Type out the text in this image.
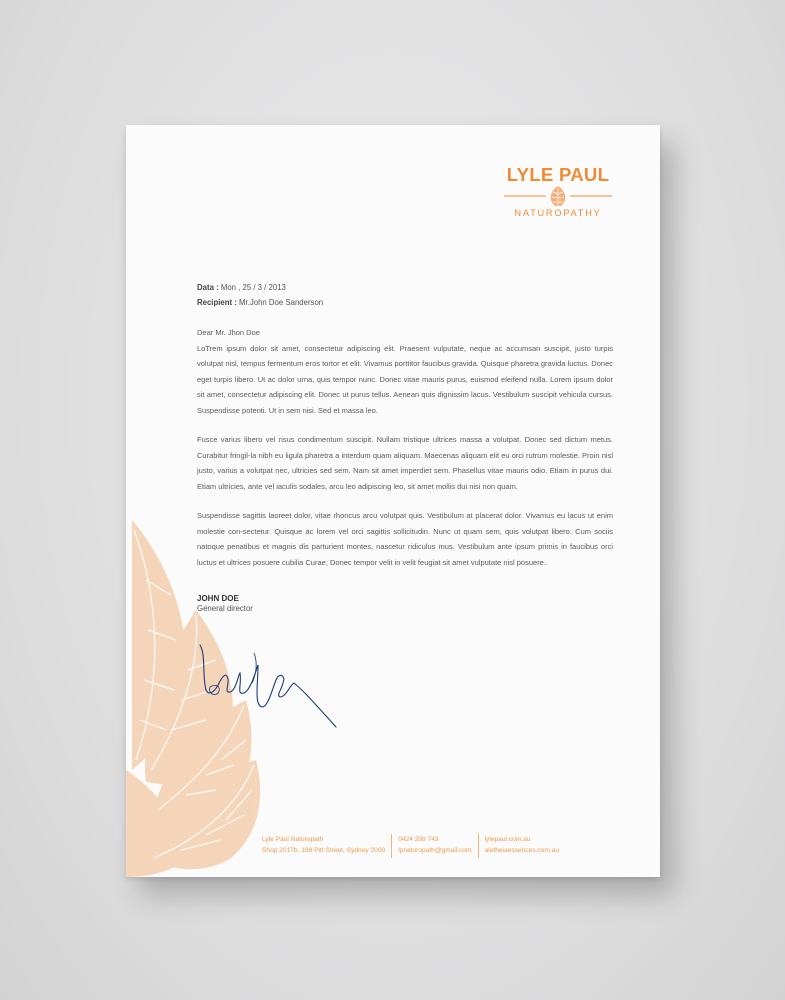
LYLE PAUL
NATUROPATHY
Data : Mon , 25 / 3 / 2013
Recipient : Mr.John Doe Sanderson
Dear Mr. Jhon Doe

LoTrem ipsum dolor sit amet, consectetur adipiscing elit. Praesent vulputate, neque ac accumsan suscipit, justo turpis volutpat nisl, tempus fermentum eros tortor et elit. Vivamus porttitor faucibus gravida. Quisque pharetra gravida luctus. Donec eget turpis libero. Ut ac dolor urna, quis tempor nunc. Donec vitae mauris purus, euismod eleifend nulla. Lorem ipsum dolor sit amet, consectetur adipiscing elit. Donec ut purus tellus. Aenean quis dignissim lacus. Vestibulum suscipit vehicula cursus. Suspendisse potenti. Ut in sem nisi. Sed et massa leo.

Fusce varius libero vel risus condimentum suscipit. Nullam tristique ultrices massa a volutpat. Donec sed dictum metus. Curabitur fringil-la nibh eu ligula pharetra a interdum quam aliquam. Maecenas aliquam elit eu orci rutrum molestie. Proin nisl justo, varius a volutpat nec, ultricies sed sem. Nam sit amet imperdiet sem. Phasellus vitae mauris odio. Etiam in purus dui. Etiam ultricies, ante vel iaculis sodales, arcu leo adipiscing leo, sit amet mollis dui nisi non quam.

Suspendisse sagittis laoreet dolor, vitae rhoncus arcu volutpat quis. Vestibulum at placerat dolor. Vivamus eu lacus ut enim molestie con-sectetur. Quisque ac lorem vel orci sagittis sollicitudin. Nunc ut quam sem, quis volutpat libero. Cum sociis natoque penatibus et magnis dis parturient montes, nascetur ridiculus mus. Vestibulum ante ipsum primis in faucibus orci luctus et ultrices posuere cubilia Curae; Donec tempor velit in velit feugiat sit amet vulputate nisl posuere..

JOHN DOE
General director
Lyle Paul Naturopath
Shop 2017b, 188 Pitt Street, Sydney 2000
0424 208 743
lpnaturopath@gmail.com
lylepaul.com.au
aletheiaessences.com.au
